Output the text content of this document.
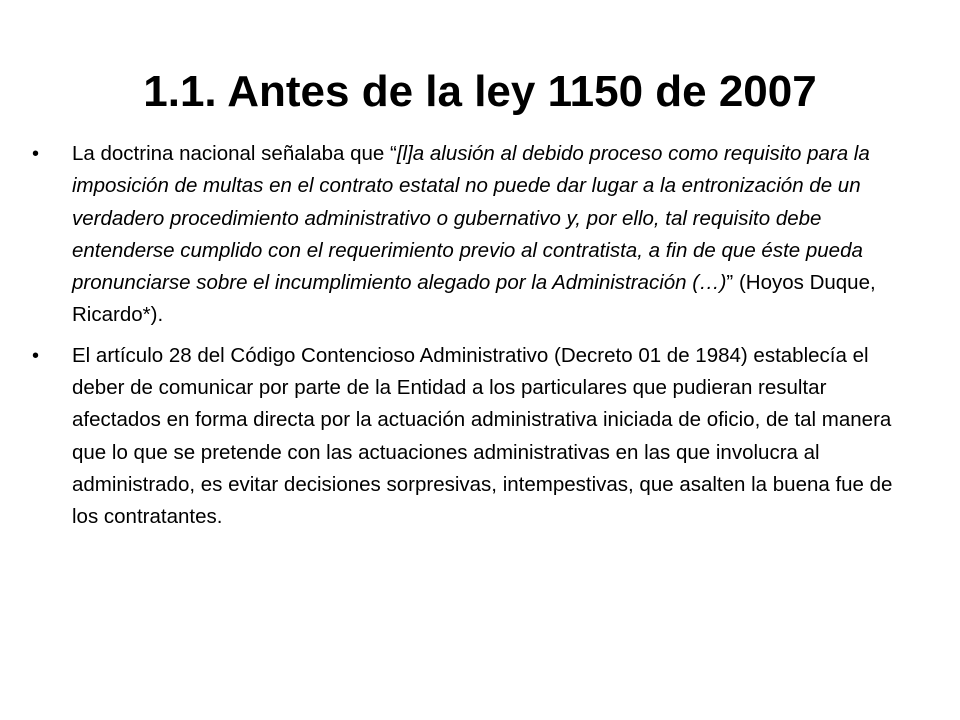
1.1. Antes de la ley 1150 de 2007
• La doctrina nacional señalaba que “[l]a alusión al debido proceso como requisito para la imposición de multas en el contrato estatal no puede dar lugar a la entronización de un verdadero procedimiento administrativo o gubernativo y, por ello, tal requisito debe entenderse cumplido con el requerimiento previo al contratista, a fin de que éste pueda pronunciarse sobre el incumplimiento alegado por la Administración (…)” (Hoyos Duque, Ricardo*).
• El artículo 28 del Código Contencioso Administrativo (Decreto 01 de 1984) establecía el deber de comunicar por parte de la Entidad a los particulares que pudieran resultar afectados en forma directa por la actuación administrativa iniciada de oficio, de tal manera que lo que se pretende con las actuaciones administrativas en las que involucra al administrado, es evitar decisiones sorpresivas, intempestivas, que asalten la buena fue de los contratantes.
